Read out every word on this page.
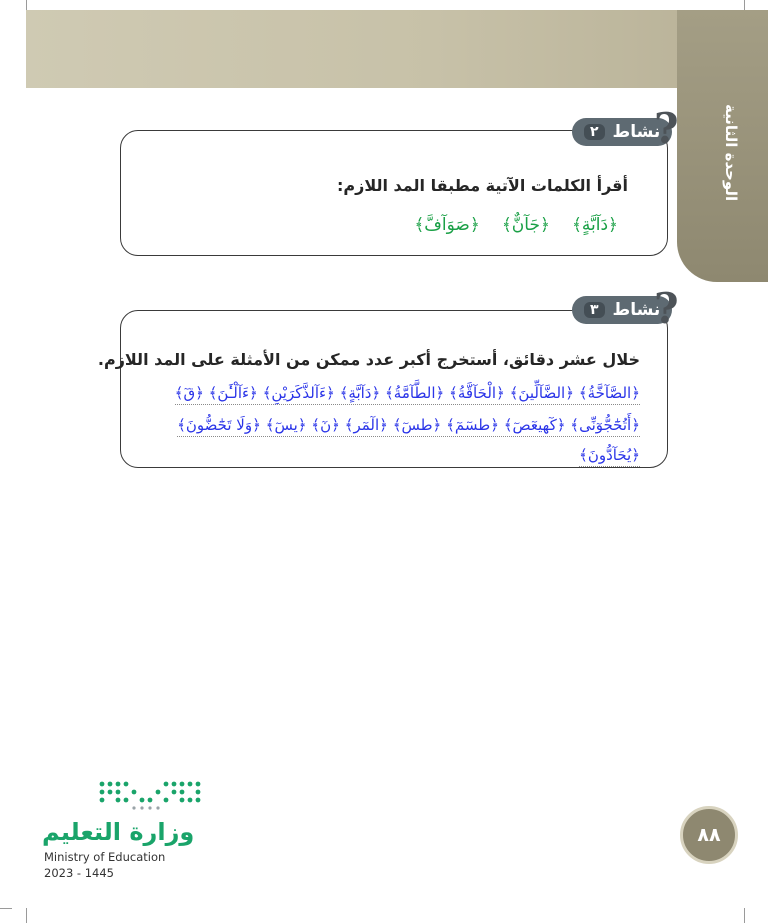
الوحدة الثانية
نشاط
٢ ?
أقرأ الكلمات الآتية مطبقا المد اللازم:
﴿دَآبَّةٍ﴾
﴿جَآنٌّ﴾
﴿صَوَآفَّ﴾
نشاط
٣ ?
خلال عشر دقائق، أستخرج أكبر عدد ممكن من الأمثلة على المد اللازم.
﴿الصَّآخَّةُ﴾ ﴿الضَّآلِّينَ﴾ ﴿الْحَآقَّةُ﴾ ﴿الطَّآمَّةُ﴾ ﴿دَآبَّةٍ﴾ ﴿ءَآلذَّكَرَيْنِ﴾ ﴿ءَآلْـَٰٔنَ﴾ ﴿قٓ﴾
﴿أَتُحَٰٓجُّوٓنِّى﴾ ﴿كٓهيعٓصٓ﴾ ﴿طسٓمٓ﴾ ﴿طسٓ﴾ ﴿الٓمٓر﴾ ﴿نٓ﴾ ﴿يسٓ﴾ ﴿وَلَا تَحَٰٓضُّونَ﴾
﴿يُحَآدُّونَ﴾
٨٨
وزارة التعليم
Ministry of Education
2023 - 1445
